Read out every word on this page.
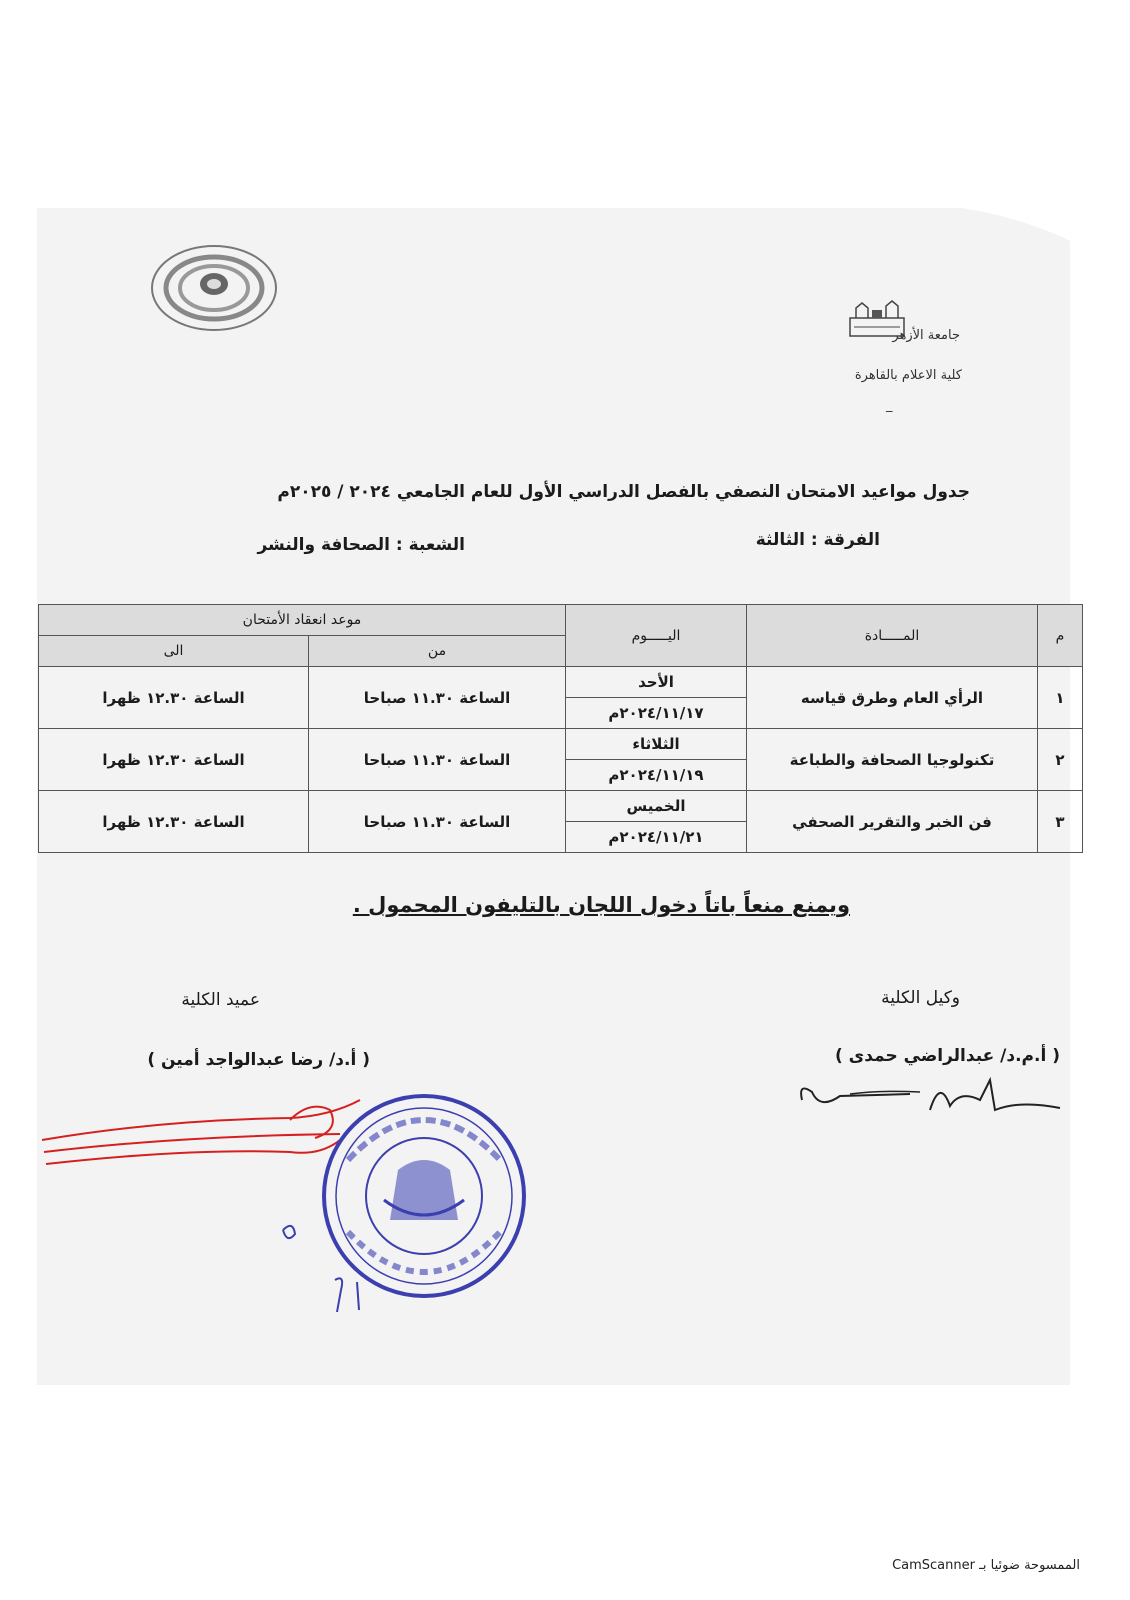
جامعة الأزهر
كلية الاعلام بالقاهرة
_
جدول مواعيد الامتحان النصفي بالفصل الدراسي الأول للعام الجامعي ٢٠٢٤ / ٢٠٢٥م
الفرقة : الثالثة
الشعبة : الصحافة والنشر
م	المـــــادة	اليـــــوم	موعد انعقاد الأمتحان	
			من	الى
١	الرأي العام وطرق قياسه	الأحد	الساعة ١١.٣٠ صباحا	الساعة ١٢.٣٠ ظهرا
		٢٠٢٤/١١/١٧م		
٢	تكنولوجيا الصحافة والطباعة	الثلاثاء	الساعة ١١.٣٠ صباحا	الساعة ١٢.٣٠ ظهرا
		٢٠٢٤/١١/١٩م		
٣	فن الخبر والتقرير الصحفي	الخميس	الساعة ١١.٣٠ صباحا	الساعة ١٢.٣٠ ظهرا
		٢٠٢٤/١١/٢١م		
ويمنع منعاً باتاً دخول اللجان بالتليفون المحمول .
وكيل الكلية
( أ.م.د/ عبدالراضي حمدى )
عميد الكلية
( أ.د/ رضا عبدالواجد أمين )
الممسوحة ضوئيا بـ CamScanner
